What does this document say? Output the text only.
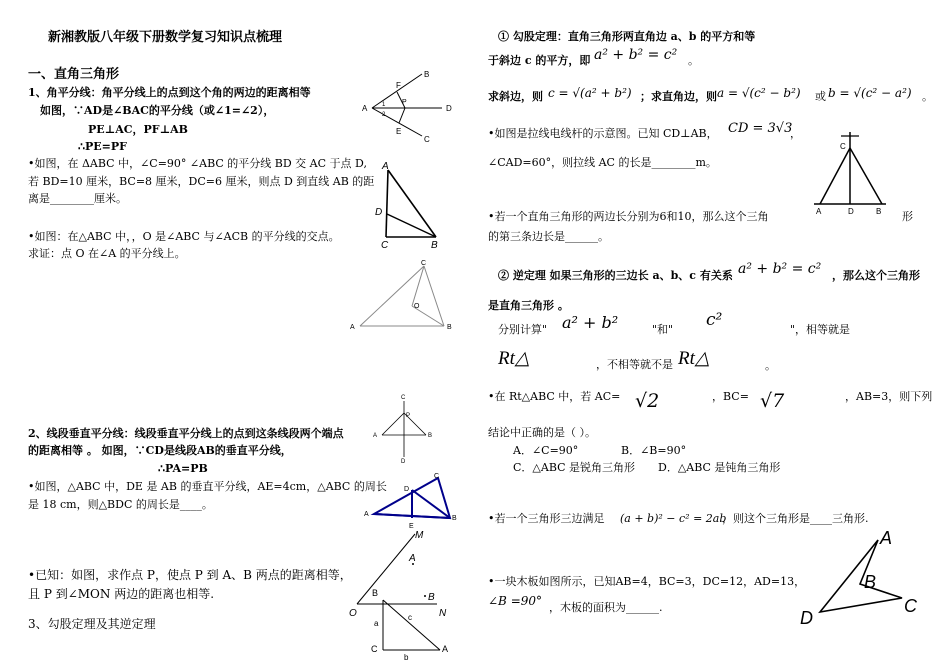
新湘教版八年级下册数学复习知识点梳理
一、直角三角形
1、角平分线：角平分线上的点到这个角的两边的距离相等
如图，∵AD是∠BAC的平分线（或∠1=∠2），
PE⊥AC，PF⊥AB
∴PE=PF
•如图，在 ΔABC 中，∠C=90° ∠ABC 的平分线 BD 交 AC 于点 D,
若 BD=10 厘米，BC=8 厘米，DC=6 厘米，则点 D 到直线 AB 的距
离是________厘米。
•如图：在△ABC 中，，O 是∠ABC 与∠ACB 的平分线的交点。
求证：点 O 在∠A 的平分线上。
2、线段垂直平分线：线段垂直平分线上的点到这条线段两个端点
的距离相等 。 如图，∵CD是线段AB的垂直平分线，
∴PA=PB
•如图，△ABC 中，DE 是 AB 的垂直平分线，AE=4cm，△ABC 的周长
是 18 cm，则△BDC 的周长是____。
•已知：如图，求作点 P，使点 P 到 A、B 两点的距离相等，
且 P 到∠MON 两边的距离也相等.
3、勾股定理及其逆定理
B
F
A
P
D
E
C
1
2
A
D
C	B
C
O
A	B
C
A
P
B
D
D
C
A
E
B
M
A
B
O	N
B
c
a
C
b
A
① 勾股定理：直角三角形两直角边 a、b 的平方和等
于斜边 c 的平方，即 a² + b² = c² 。
求斜边，则 c = √(a² + b²) ；求直角边，则 a = √(c² − b²) 或 b = √(c² − a²) 。
•如图是拉线电线杆的示意图。已知 CD⊥AB， CD = 3√3
，
∠CAD=60°，则拉线 AC 的长是________m。
•若一个直角三角形的两边长分别为6和10，那么这个三角	形
的第三条边长是______。
② 逆定理 如果三角形的三边长 a、b、c 有关系 a² + b² = c² ，那么这个三角形
是直角三角形 。
分别计算" a² + b²	"和" c²	"，相等就是
Rt△	，不相等就不是 Rt△	。
•在 Rt△ABC 中，若 AC= √2	，BC= √7	，AB=3，则下列
结论中正确的是（ ）。
A．∠C=90°	B．∠B=90°
C．△ABC 是锐角三角形 D．△ABC 是钝角三角形
•若一个三角形三边满足 (a + b)² − c² = 2ab
，则这个三角形是____三角形.
•一块木板如图所示，已知AB=4，BC=3，DC=12，AD=13，
∠B =90° ，木板的面积为______.
C
A	D	B
A
B
C
D
